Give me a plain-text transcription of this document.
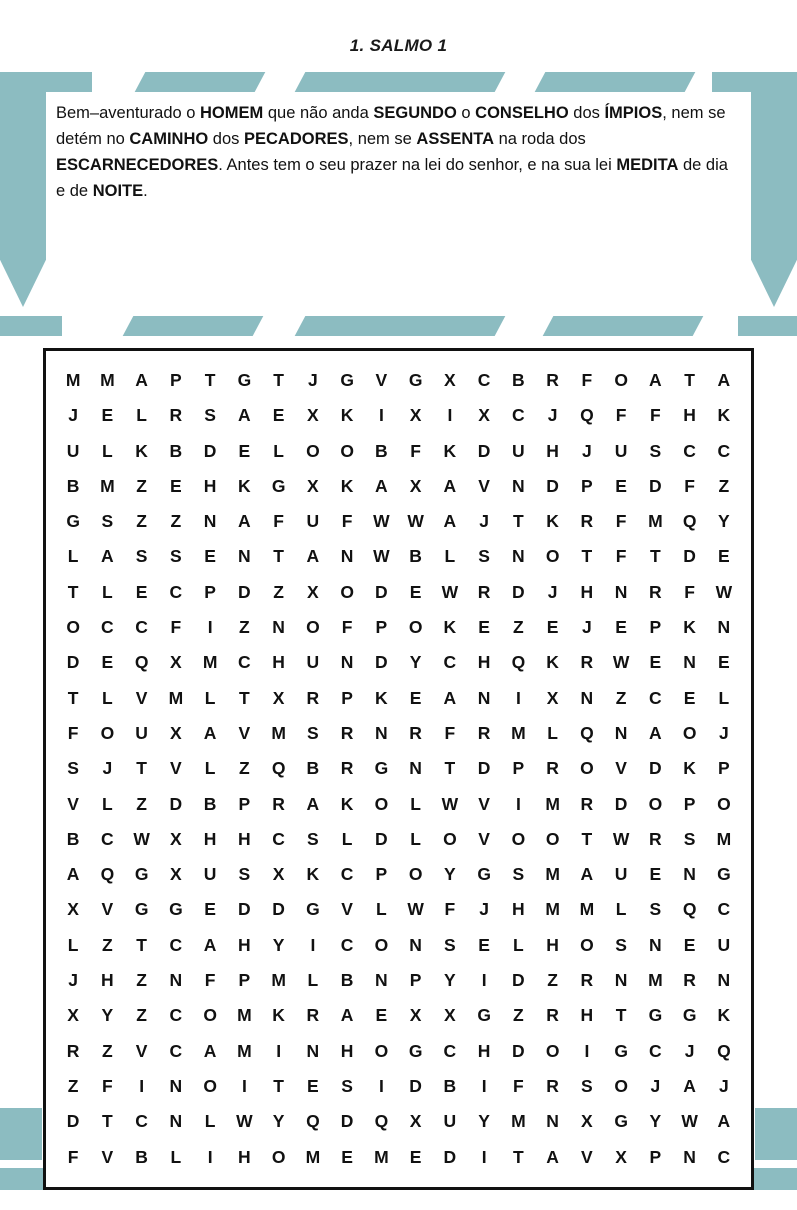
1. SALMO 1
Bem–aventurado o HOMEM que não anda SEGUNDO o CONSELHO dos ÍMPIOS, nem se detém no CAMINHO dos PECADORES, nem se ASSENTA na roda dos ESCARNECEDORES. Antes tem o seu prazer na lei do senhor, e na sua lei MEDITA de dia e de NOITE.
M	M	A	P	T	G	T	J	G	V	G	X	C	B	R	F	O	A	T	A
J	E	L	R	S	A	E	X	K	I	X	I	X	C	J	Q	F	F	H	K
U	L	K	B	D	E	L	O	O	B	F	K	D	U	H	J	U	S	C	C
B	M	Z	E	H	K	G	X	K	A	X	A	V	N	D	P	E	D	F	Z
G	S	Z	Z	N	A	F	U	F	W	W	A	J	T	K	R	F	M	Q	Y
L	A	S	S	E	N	T	A	N	W	B	L	S	N	O	T	F	T	D	E
T	L	E	C	P	D	Z	X	O	D	E	W	R	D	J	H	N	R	F	W
O	C	C	F	I	Z	N	O	F	P	O	K	E	Z	E	J	E	P	K	N
D	E	Q	X	M	C	H	U	N	D	Y	C	H	Q	K	R	W	E	N	E
T	L	V	M	L	T	X	R	P	K	E	A	N	I	X	N	Z	C	E	L
F	O	U	X	A	V	M	S	R	N	R	F	R	M	L	Q	N	A	O	J
S	J	T	V	L	Z	Q	B	R	G	N	T	D	P	R	O	V	D	K	P
V	L	Z	D	B	P	R	A	K	O	L	W	V	I	M	R	D	O	P	O
B	C	W	X	H	H	C	S	L	D	L	O	V	O	O	T	W	R	S	M
A	Q	G	X	U	S	X	K	C	P	O	Y	G	S	M	A	U	E	N	G
X	V	G	G	E	D	D	G	V	L	W	F	J	H	M	M	L	S	Q	C
L	Z	T	C	A	H	Y	I	C	O	N	S	E	L	H	O	S	N	E	U
J	H	Z	N	F	P	M	L	B	N	P	Y	I	D	Z	R	N	M	R	N
X	Y	Z	C	O	M	K	R	A	E	X	X	G	Z	R	H	T	G	G	K
R	Z	V	C	A	M	I	N	H	O	G	C	H	D	O	I	G	C	J	Q
Z	F	I	N	O	I	T	E	S	I	D	B	I	F	R	S	O	J	A	J
D	T	C	N	L	W	Y	Q	D	Q	X	U	Y	M	N	X	G	Y	W	A
F	V	B	L	I	H	O	M	E	M	E	D	I	T	A	V	X	P	N	C
